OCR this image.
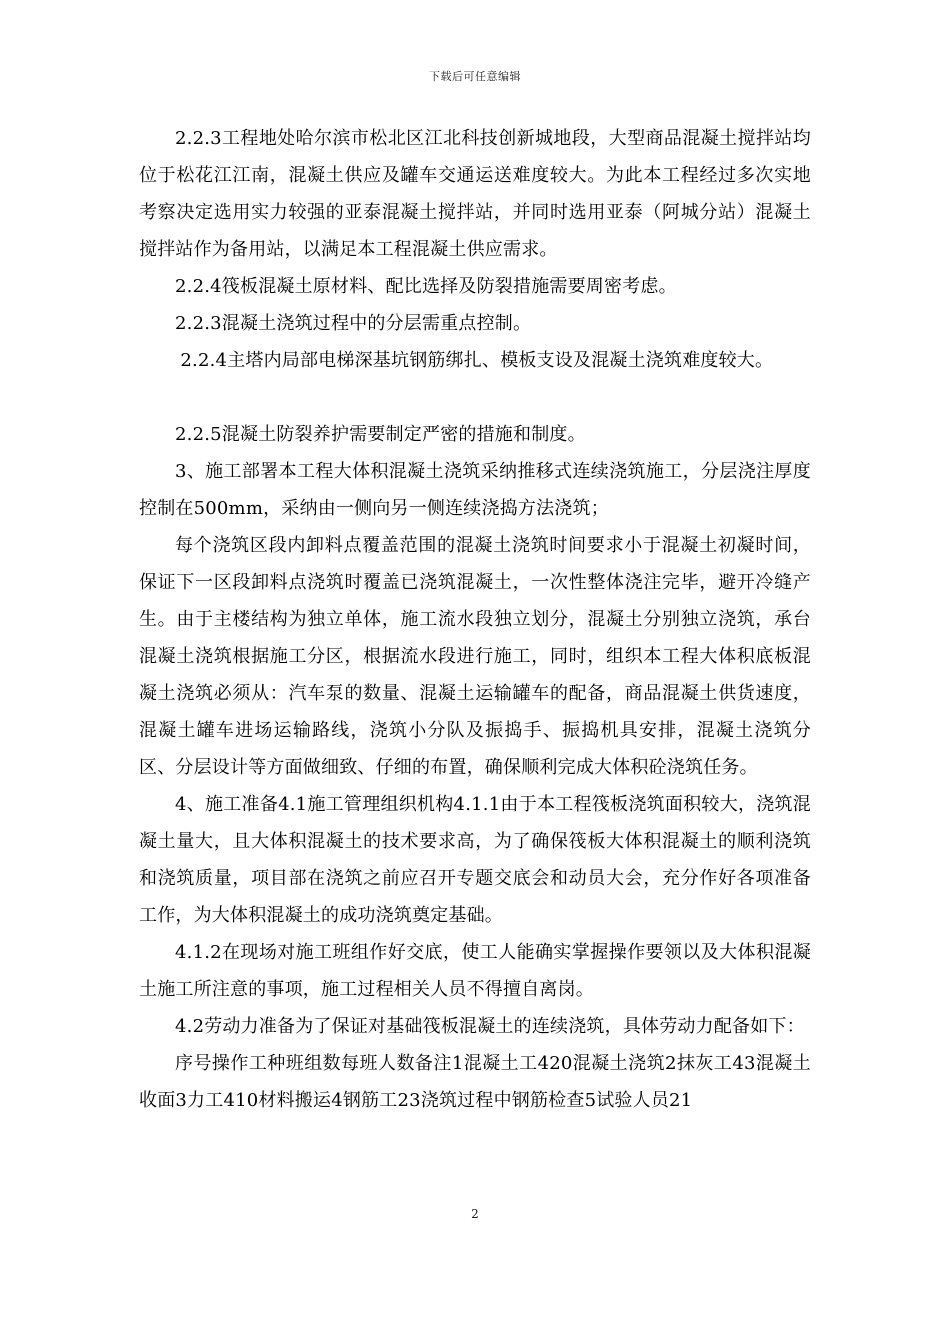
下载后可任意编辑

2.2.3工程地处哈尔滨市松北区江北科技创新城地段，大型商品混凝土搅拌站均位于松花江江南，混凝土供应及罐车交通运送难度较大。为此本工程经过多次实地考察决定选用实力较强的亚泰混凝土搅拌站，并同时选用亚泰（阿城分站）混凝土搅拌站作为备用站，以满足本工程混凝土供应需求。

2.2.4筏板混凝土原材料、配比选择及防裂措施需要周密考虑。

2.2.3混凝土浇筑过程中的分层需重点控制。

2.2.4主塔内局部电梯深基坑钢筋绑扎、模板支设及混凝土浇筑难度较大。

2.2.5混凝土防裂养护需要制定严密的措施和制度。

3、施工部署本工程大体积混凝土浇筑采纳推移式连续浇筑施工，分层浇注厚度控制在500mm，采纳由一侧向另一侧连续浇捣方法浇筑；

每个浇筑区段内卸料点覆盖范围的混凝土浇筑时间要求小于混凝土初凝时间，保证下一区段卸料点浇筑时覆盖已浇筑混凝土，一次性整体浇注完毕，避开冷缝产生。由于主楼结构为独立单体，施工流水段独立划分，混凝土分别独立浇筑，承台混凝土浇筑根据施工分区，根据流水段进行施工，同时，组织本工程大体积底板混凝土浇筑必须从：汽车泵的数量、混凝土运输罐车的配备，商品混凝土供货速度，混凝土罐车进场运输路线，浇筑小分队及振捣手、振捣机具安排，混凝土浇筑分区、分层设计等方面做细致、仔细的布置，确保顺利完成大体积砼浇筑任务。

4、施工准备4.1施工管理组织机构4.1.1由于本工程筏板浇筑面积较大，浇筑混凝土量大，且大体积混凝土的技术要求高，为了确保筏板大体积混凝土的顺利浇筑和浇筑质量，项目部在浇筑之前应召开专题交底会和动员大会，充分作好各项准备工作，为大体积混凝土的成功浇筑奠定基础。

4.1.2在现场对施工班组作好交底，使工人能确实掌握操作要领以及大体积混凝土施工所注意的事项，施工过程相关人员不得擅自离岗。

4.2劳动力准备为了保证对基础筏板混凝土的连续浇筑，具体劳动力配备如下：

序号操作工种班组数每班人数备注1混凝土工420混凝土浇筑2抹灰工43混凝土收面3力工410材料搬运4钢筋工23浇筑过程中钢筋检查5试验人员21

2
